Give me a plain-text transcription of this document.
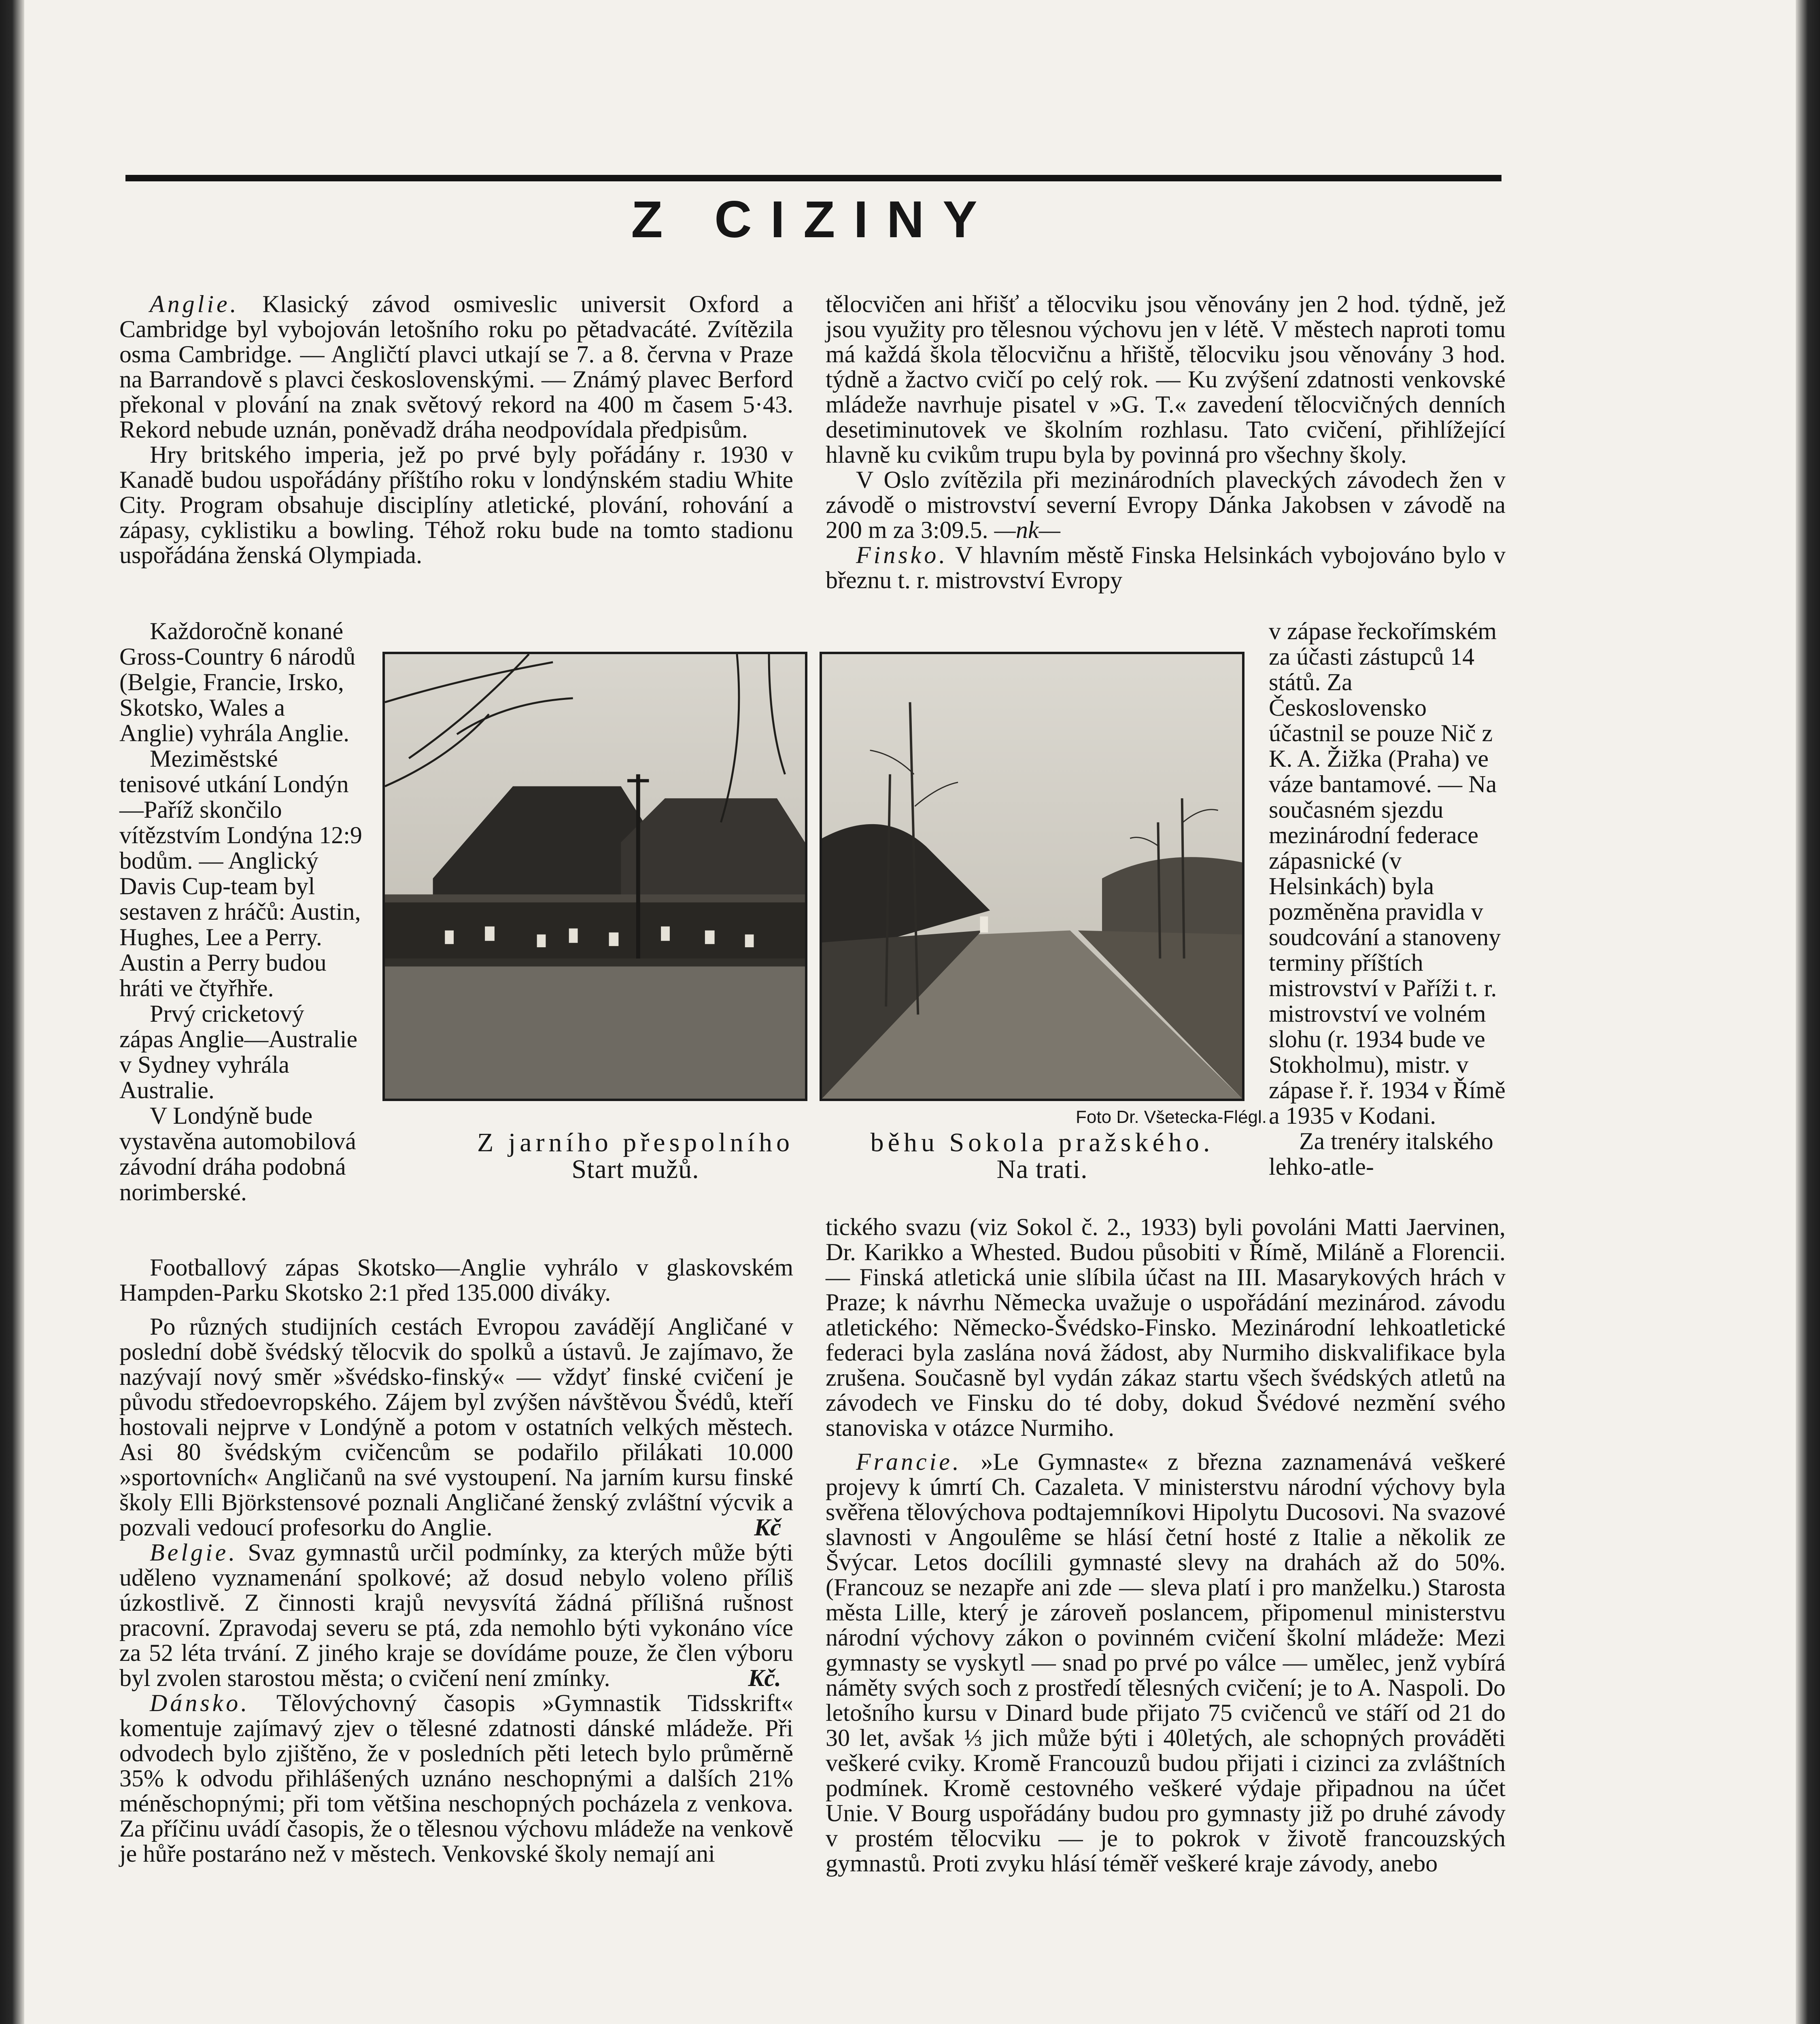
Z CIZINY

Anglie. Klasický závod osmiveslic universit Oxford a Cambridge byl vybojován letošního roku po pětadvacáté. Zvítězila osma Cambridge. — Angličtí plavci utkají se 7. a 8. června v Praze na Barrandově s plavci československými. — Známý plavec Berford překonal v plování na znak světový rekord na 400 m časem 5·43. Rekord nebude uznán, poněvadž dráha neodpovídala předpisům.

Hry britského imperia, jež po prvé byly pořádány r. 1930 v Kanadě budou uspořádány příštího roku v londýnském stadiu White City. Program obsahuje disciplíny atletické, plování, rohování a zápasy, cyklistiku a bowling. Téhož roku bude na tomto stadionu uspořádána ženská Olympiada.

Každoročně konané Gross-Country 6 národů (Belgie, Francie, Irsko, Skotsko, Wales a Anglie) vyhrála Anglie.

Meziměstské tenisové utkání Londýn—Paříž skončilo vítězstvím Londýna 12:9 bodům. — Anglický Davis Cup-team byl sestaven z hráčů: Austin, Hughes, Lee a Perry. Austin a Perry budou hráti ve čtyřhře.

Prvý cricketový zápas Anglie—Australie v Sydney vyhrála Australie.

V Londýně bude vystavěna automobilová závodní dráha podobná norimberské.

Footballový zápas Skotsko—Anglie vyhrálo v glaskovském Hampden-Parku Skotsko 2:1 před 135.000 diváky.

Po různých studijních cestách Evropou zavádějí Angličané v poslední době švédský tělocvik do spolků a ústavů. Je zajímavo, že nazývají nový směr »švédsko-finský« — vždyť finské cvičení je původu středoevropského. Zájem byl zvýšen návštěvou Švédů, kteří hostovali nejprve v Londýně a potom v ostatních velkých městech. Asi 80 švédským cvičencům se podařilo přilákati 10.000 »sportovních« Angličanů na své vystoupení. Na jarním kursu finské školy Elli Björkstensové poznali Angličané ženský zvláštní výcvik a pozvali vedoucí profesorku do Anglie.	Kč

Belgie. Svaz gymnastů určil podmínky, za kterých může býti uděleno vyznamenání spolkové; až dosud nebylo voleno příliš úzkostlivě. Z činnosti krajů nevysvítá žádná přílišná rušnost pracovní. Zpravodaj severu se ptá, zda nemohlo býti vykonáno více za 52 léta trvání. Z jiného kraje se dovídáme pouze, že člen výboru byl zvolen starostou města; o cvičení není zmínky.	Kč.

Dánsko. Tělovýchovný časopis »Gymnastik Tidsskrift« komentuje zajímavý zjev o tělesné zdatnosti dánské mládeže. Při odvodech bylo zjištěno, že v posledních pěti letech bylo průměrně 35% k odvodu přihlášených uznáno neschopnými a dalších 21% méněschopnými; při tom většina neschopných pocházela z venkova. Za příčinu uvádí časopis, že o tělesnou výchovu mládeže na venkově je hůře postaráno než v městech. Venkovské školy nemají ani

tělocvičen ani hřišť a tělocviku jsou věnovány jen 2 hod. týdně, jež jsou využity pro tělesnou výchovu jen v létě. V městech naproti tomu má každá škola tělocvičnu a hřiště, tělocviku jsou věnovány 3 hod. týdně a žactvo cvičí po celý rok. — Ku zvýšení zdatnosti venkovské mládeže navrhuje pisatel v »G. T.« zavedení tělocvičných denních desetiminutovek ve školním rozhlasu. Tato cvičení, přihlížející hlavně ku cvikům trupu byla by povinná pro všechny školy.

V Oslo zvítězila při mezinárodních plaveckých závodech žen v závodě o mistrovství severní Evropy Dánka Jakobsen v závodě na 200 m za 3:09.5. —nk—

Finsko. V hlavním městě Finska Helsinkách vybojováno bylo v březnu t. r. mistrovství Evropy

v zápase řeckořímském za účasti zástupců 14 států. Za Československo účastnil se pouze Nič z K. A. Žižka (Praha) ve váze bantamové. — Na současném sjezdu mezinárodní federace zápasnické (v Helsinkách) byla pozměněna pravidla v soudcování a stanoveny terminy příštích mistrovství v Paříži t. r. mistrovství ve volném slohu (r. 1934 bude ve Stokholmu), mistr. v zápase ř. ř. 1934 v Římě a 1935 v Kodani.

Za trenéry italského lehko-atle-

tického svazu (viz Sokol č. 2., 1933) byli povoláni Matti Jaervinen, Dr. Karikko a Whested. Budou působiti v Římě, Miláně a Florencii. — Finská atletická unie slíbila účast na III. Masarykových hrách v Praze; k návrhu Německa uvažuje o uspořádání mezinárod. závodu atletického: Německo-Švédsko-Finsko. Mezinárodní lehkoatletické federaci byla zaslána nová žádost, aby Nurmiho diskvalifikace byla zrušena. Současně byl vydán zákaz startu všech švédských atletů na závodech ve Finsku do té doby, dokud Švédové nezmění svého stanoviska v otázce Nurmiho.

Francie. »Le Gymnaste« z března zaznamenává veškeré projevy k úmrtí Ch. Cazaleta. V ministerstvu národní výchovy byla svěřena tělovýchova podtajemníkovi Hipolytu Ducosovi. Na svazové slavnosti v Angoulême se hlásí četní hosté z Italie a několik ze Švýcar. Letos docílili gymnasté slevy na drahách až do 50%. (Francouz se nezapře ani zde — sleva platí i pro manželku.) Starosta města Lille, který je zároveň poslancem, připomenul ministerstvu národní výchovy zákon o povinném cvičení školní mládeže: Mezi gymnasty se vyskytl — snad po prvé po válce — umělec, jenž vybírá náměty svých soch z prostředí tělesných cvičení; je to A. Naspoli. Do letošního kursu v Dinard bude přijato 75 cvičenců ve stáří od 21 do 30 let, avšak ⅓ jich může býti i 40letých, ale schopných prováděti veškeré cviky. Kromě Francouzů budou přijati i cizinci za zvláštních podmínek. Kromě cestovného veškeré výdaje připadnou na účet Unie. V Bourg uspořádány budou pro gymnasty již po druhé závody v prostém tělocviku — je to pokrok v životě francouzských gymnastů. Proti zvyku hlásí téměř veškeré kraje závody, anebo

Foto Dr. Všetecka-Flégl.
Z jarního přespolního
Start mužů.
běhu Sokola pražského.
Na trati.
